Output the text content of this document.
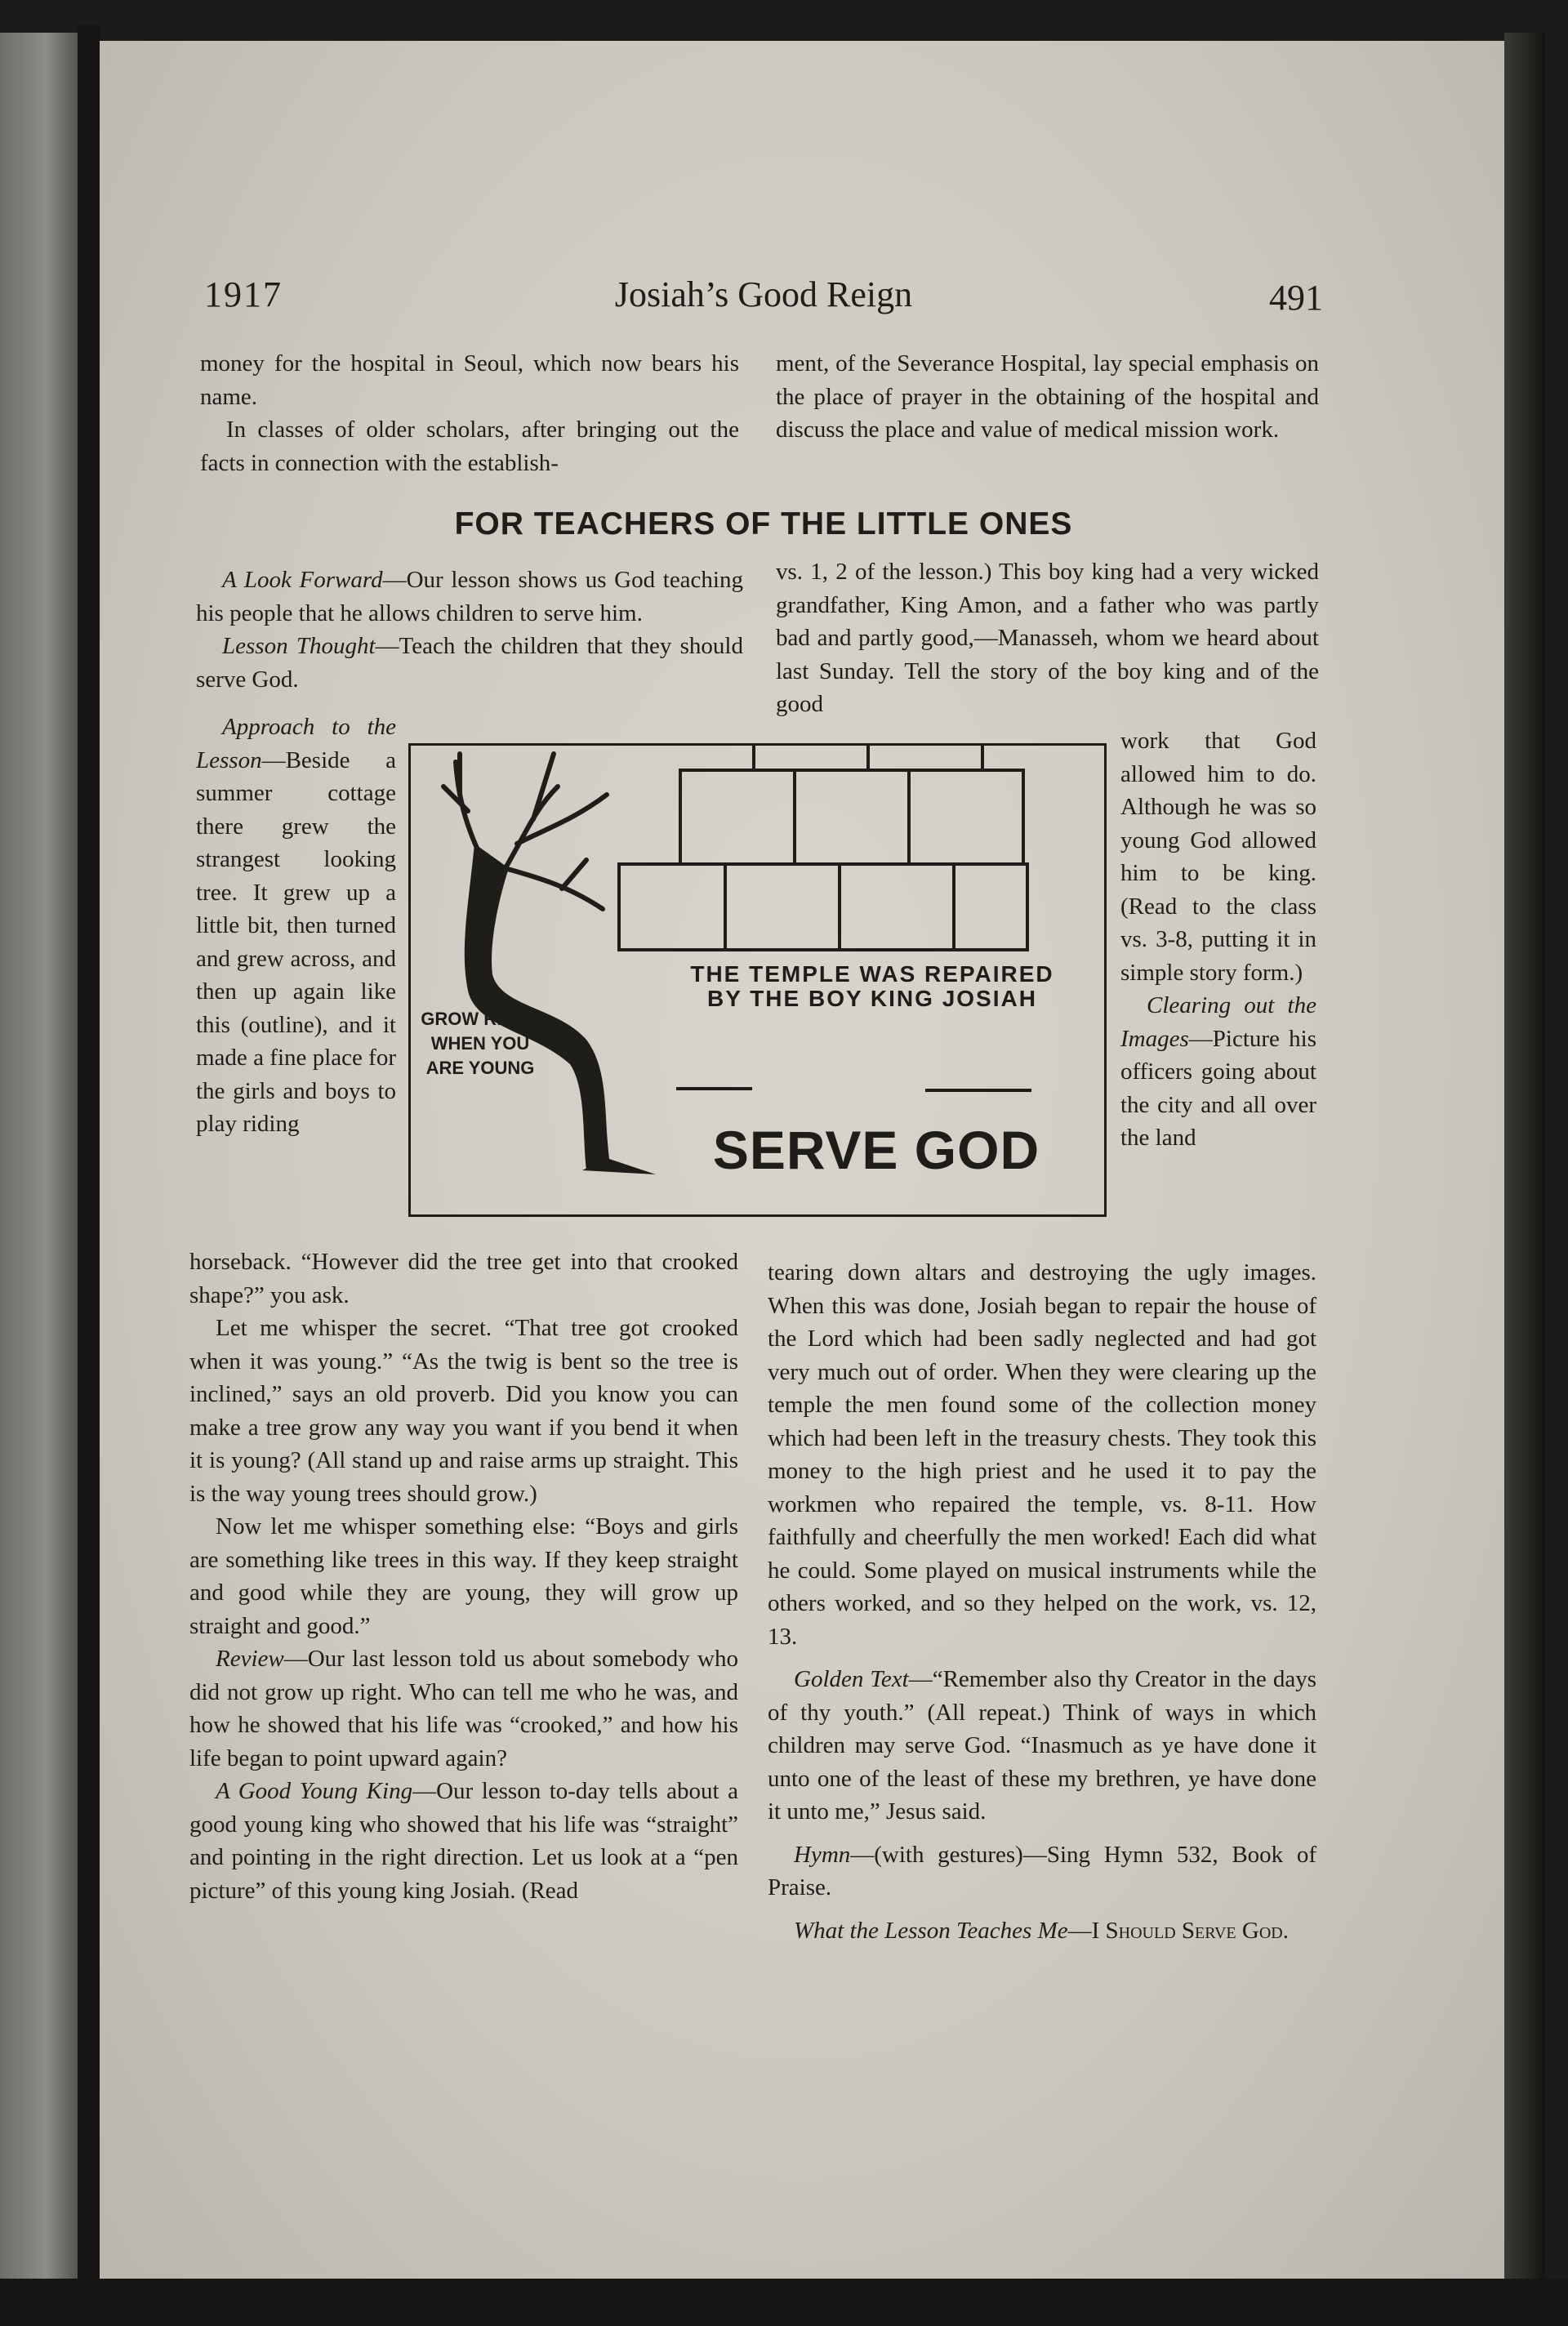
1917	Josiah’s Good Reign	491

money for the hospital in Seoul, which now bears his name.

In classes of older scholars, after bringing out the facts in connection with the establish-

ment, of the Severance Hospital, lay special emphasis on the place of prayer in the obtaining of the hospital and discuss the place and value of medical mission work.

FOR TEACHERS OF THE LITTLE ONES

A Look Forward—Our lesson shows us God teaching his people that he allows children to serve him.

Lesson Thought—Teach the children that they should serve God.

Approach to the Lesson—Beside a summer cottage there grew the strangest looking tree. It grew up a little bit, then turned and grew across, and then up again like this (outline), and it made a fine place for the girls and boys to play riding

vs. 1, 2 of the lesson.) This boy king had a very wicked grandfather, King Amon, and a father who was partly bad and partly good,—Manasseh, whom we heard about last Sunday. Tell the story of the boy king and of the good

work that God allowed him to do. Although he was so young God allowed him to be king. (Read to the class vs. 3-8, putting it in simple story form.)

Clearing out the Images—Picture his officers going about the city and all over the land

GROW RIGHT WHEN YOU ARE YOUNG
THE TEMPLE WAS REPAIRED BY THE BOY KING JOSIAH
SERVE GOD

horseback. “However did the tree get into that crooked shape?” you ask.

Let me whisper the secret. “That tree got crooked when it was young.” “As the twig is bent so the tree is inclined,” says an old proverb. Did you know you can make a tree grow any way you want if you bend it when it is young? (All stand up and raise arms up straight. This is the way young trees should grow.)

Now let me whisper something else: “Boys and girls are something like trees in this way. If they keep straight and good while they are young, they will grow up straight and good.”

Review—Our last lesson told us about somebody who did not grow up right. Who can tell me who he was, and how he showed that his life was “crooked,” and how his life began to point upward again?

A Good Young King—Our lesson to-day tells about a good young king who showed that his life was “straight” and pointing in the right direction. Let us look at a “pen picture” of this young king Josiah. (Read

tearing down altars and destroying the ugly images. When this was done, Josiah began to repair the house of the Lord which had been sadly neglected and had got very much out of order. When they were clearing up the temple the men found some of the collection money which had been left in the treasury chests. They took this money to the high priest and he used it to pay the workmen who repaired the temple, vs. 8-11. How faithfully and cheerfully the men worked! Each did what he could. Some played on musical instruments while the others worked, and so they helped on the work, vs. 12, 13.

Golden Text—“Remember also thy Creator in the days of thy youth.” (All repeat.) Think of ways in which children may serve God. “Inasmuch as ye have done it unto one of the least of these my brethren, ye have done it unto me,” Jesus said.

Hymn—(with gestures)—Sing Hymn 532, Book of Praise.

What the Lesson Teaches Me—I Should Serve God.
